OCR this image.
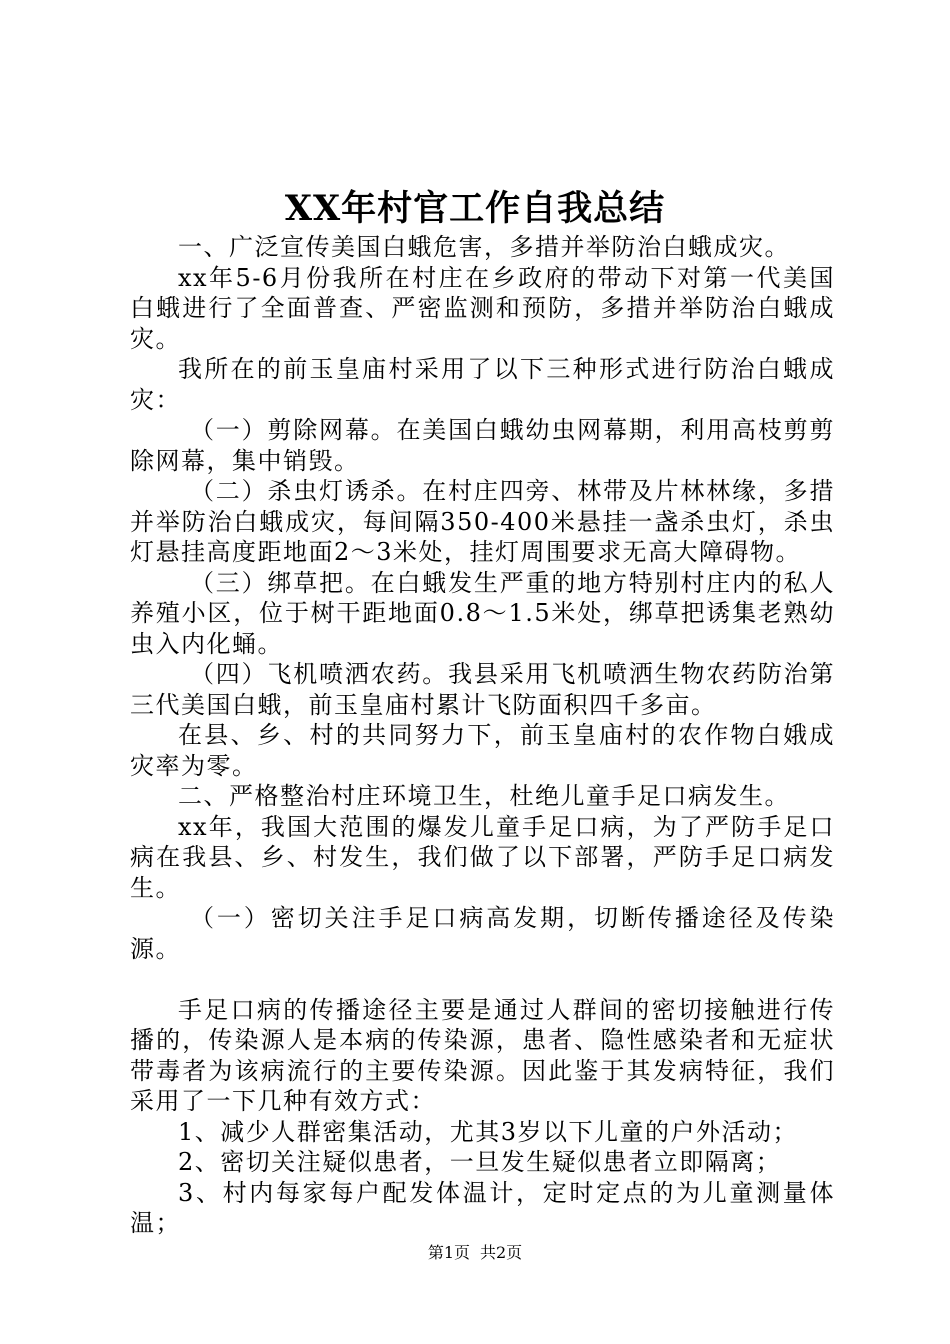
XX年村官工作自我总结

一、广泛宣传美国白蛾危害，多措并举防治白蛾成灾。

xx年5-6月份我所在村庄在乡政府的带动下对第一代美国白蛾进行了全面普查、严密监测和预防，多措并举防治白蛾成灾。

我所在的前玉皇庙村采用了以下三种形式进行防治白蛾成灾：

（一）剪除网幕。在美国白蛾幼虫网幕期，利用高枝剪剪除网幕，集中销毁。

（二）杀虫灯诱杀。在村庄四旁、林带及片林林缘，多措并举防治白蛾成灾，每间隔350-400米悬挂一盏杀虫灯，杀虫灯悬挂高度距地面2～3米处，挂灯周围要求无高大障碍物。

（三）绑草把。在白蛾发生严重的地方特别村庄内的私人养殖小区，位于树干距地面0.8～1.5米处，绑草把诱集老熟幼虫入内化蛹。

（四）飞机喷洒农药。我县采用飞机喷洒生物农药防治第三代美国白蛾，前玉皇庙村累计飞防面积四千多亩。

在县、乡、村的共同努力下，前玉皇庙村的农作物白娥成灾率为零。

二、严格整治村庄环境卫生，杜绝儿童手足口病发生。

xx年，我国大范围的爆发儿童手足口病，为了严防手足口病在我县、乡、村发生，我们做了以下部署，严防手足口病发生。

（一）密切关注手足口病高发期，切断传播途径及传染源。

手足口病的传播途径主要是通过人群间的密切接触进行传播的，传染源人是本病的传染源，患者、隐性感染者和无症状带毒者为该病流行的主要传染源。因此鉴于其发病特征，我们采用了一下几种有效方式：

1、减少人群密集活动，尤其3岁以下儿童的户外活动；

2、密切关注疑似患者，一旦发生疑似患者立即隔离；

3、村内每家每户配发体温计，定时定点的为儿童测量体温；

第1页 共2页
